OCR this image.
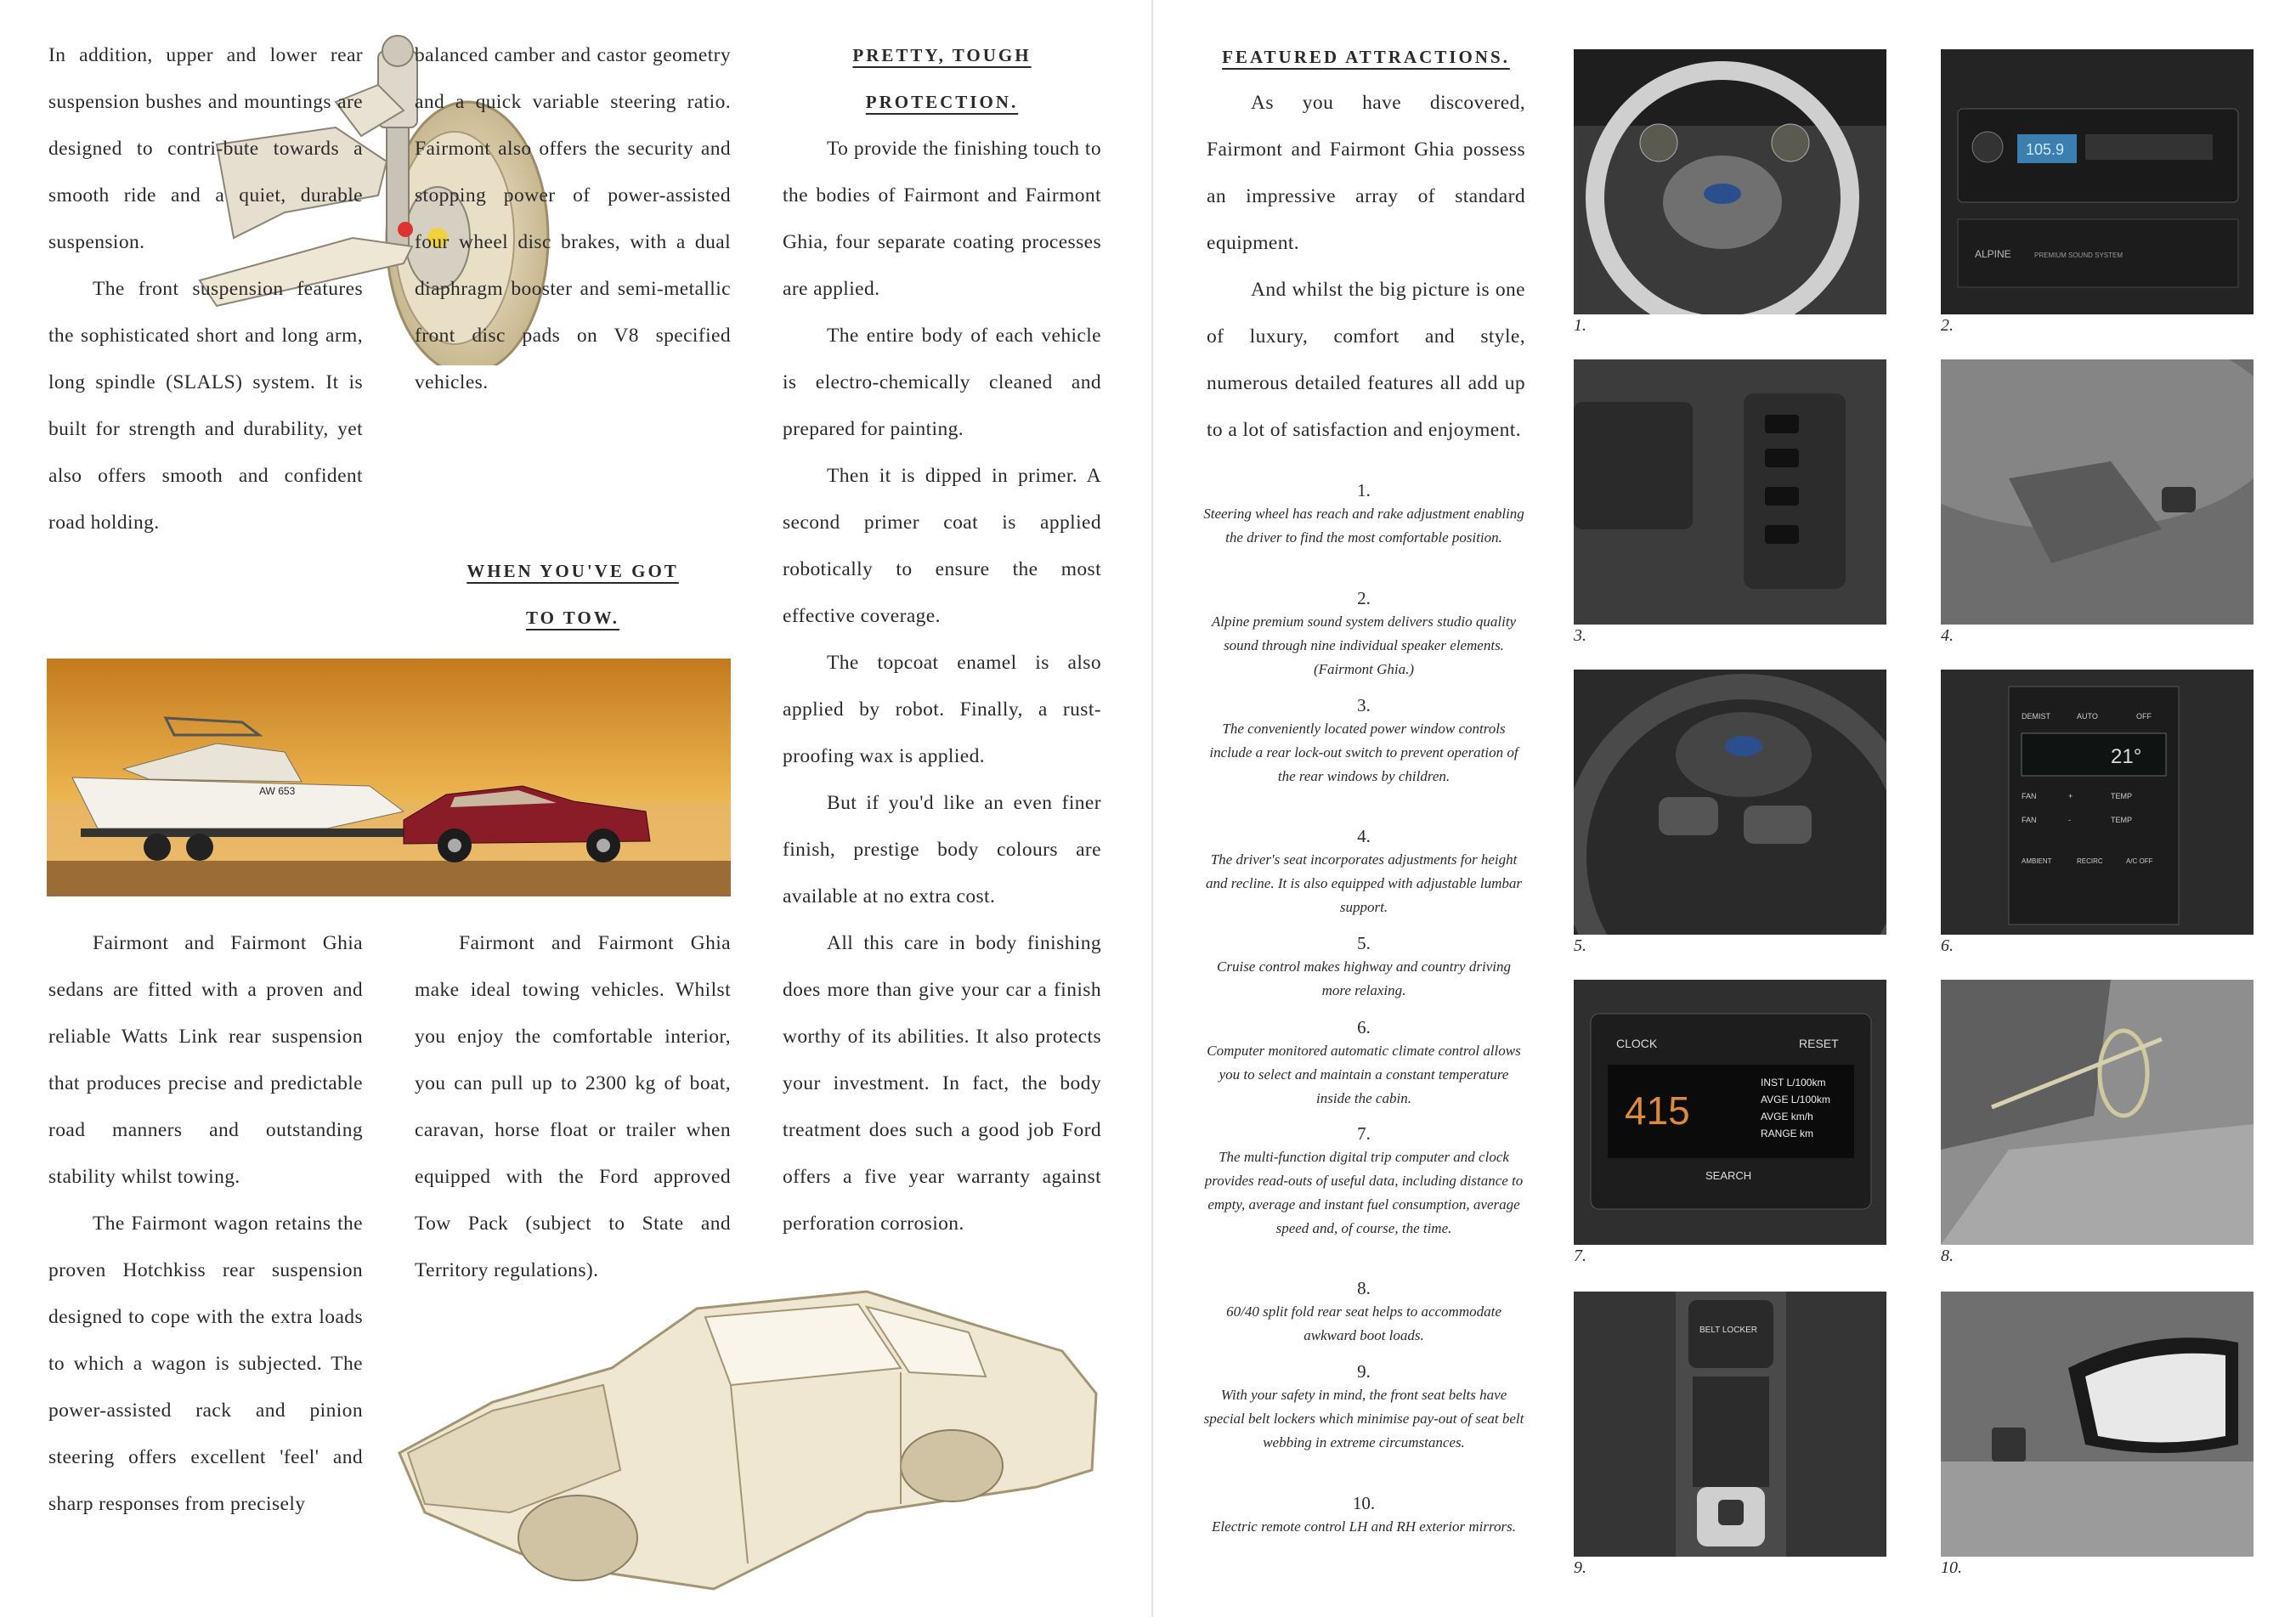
In addition, upper and lower rear suspension bushes and mountings are designed to contri-bute towards a smooth ride and a quiet, durable suspension.

The front suspension features the sophisticated short and long arm, long spindle (SLALS) system. It is built for strength and durability, yet also offers smooth and confident road holding.

balanced camber and castor geometry and a quick variable steering ratio. Fairmont also offers the security and stopping power of power-assisted four wheel disc brakes, with a dual diaphragm booster and semi-metallic front disc pads on V8 specified vehicles.

WHEN YOU'VE GOT
TO TOW.
AW 653

Fairmont and Fairmont Ghia sedans are fitted with a proven and reliable Watts Link rear suspension that produces precise and predictable road manners and outstanding stability whilst towing.

The Fairmont wagon retains the proven Hotchkiss rear suspension designed to cope with the extra loads to which a wagon is subjected. The power-assisted rack and pinion steering offers excellent 'feel' and sharp responses from precisely

Fairmont and Fairmont Ghia make ideal towing vehicles. Whilst you enjoy the comfortable interior, you can pull up to 2300 kg of boat, caravan, horse float or trailer when equipped with the Ford approved Tow Pack (subject to State and Territory regulations).

PRETTY, TOUGH
PROTECTION.

To provide the finishing touch to the bodies of Fairmont and Fairmont Ghia, four separate coating processes are applied.

The entire body of each vehicle is electro-chemically cleaned and prepared for painting.

Then it is dipped in primer. A second primer coat is applied robotically to ensure the most effective coverage.

The topcoat enamel is also applied by robot. Finally, a rust-proofing wax is applied.

But if you'd like an even finer finish, prestige body colours are available at no extra cost.

All this care in body finishing does more than give your car a finish worthy of its abilities. It also protects your investment. In fact, the body treatment does such a good job Ford offers a five year warranty against perforation corrosion.

FEATURED ATTRACTIONS.

As you have discovered, Fairmont and Fairmont Ghia possess an impressive array of standard equipment.

And whilst the big picture is one of luxury, comfort and style, numerous detailed features all add up to a lot of satisfaction and enjoyment.

1.
Steering wheel has reach and rake adjustment enabling the driver to find the most comfortable position.
2.
Alpine premium sound system delivers studio quality sound through nine individual speaker elements. (Fairmont Ghia.)
3.
The conveniently located power window controls include a rear lock-out switch to prevent operation of the rear windows by children.
4.
The driver's seat incorporates adjustments for height and recline. It is also equipped with adjustable lumbar support.
5.
Cruise control makes highway and country driving more relaxing.
6.
Computer monitored automatic climate control allows you to select and maintain a constant temperature inside the cabin.
7.
The multi-function digital trip computer and clock provides read-outs of useful data, including distance to empty, average and instant fuel consumption, average speed and, of course, the time.
8.
60/40 split fold rear seat helps to accommodate awkward boot loads.
9.
With your safety in mind, the front seat belts have special belt lockers which minimise pay-out of seat belt webbing in extreme circumstances.
10.
Electric remote control LH and RH exterior mirrors.
1.
105.9
ALPINE	PREMIUM SOUND SYSTEM
2.
3.	4.
5.
DEMIST	AUTO	OFF
21°
FAN	+	TEMP
FAN	-	TEMP
AMBIENT	RECIRC	A/C OFF
6.
CLOCK	RESET
415
INST L/100km
AVGE L/100km
AVGE km/h
RANGE km
SEARCH
7.	8.
BELT LOCKER
9.	10.
